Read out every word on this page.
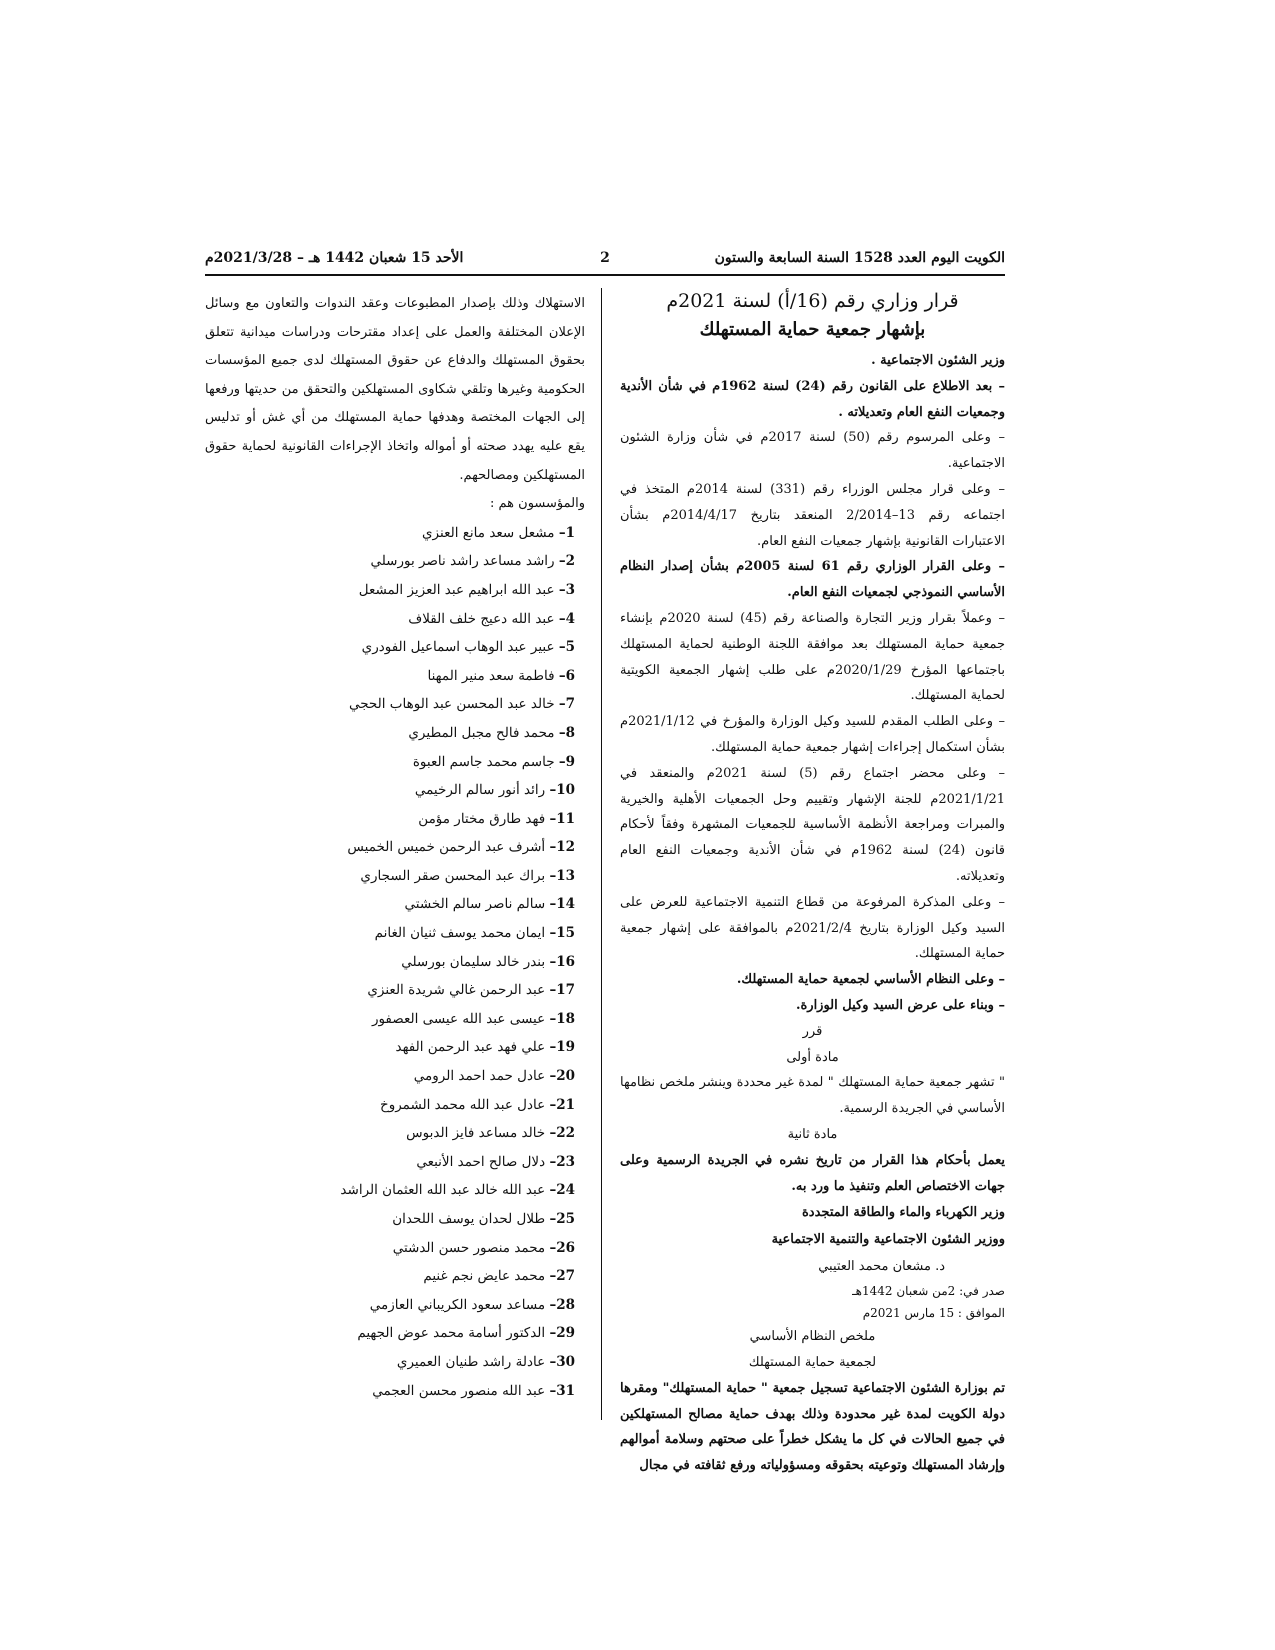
الكويت اليوم العدد 1528 السنة السابعة والستون
2
الأحد 15 شعبان 1442 هـ – 2021/3/28م
قرار وزاري رقم (16/أ) لسنة 2021م
بإشهار جمعية حماية المستهلك

وزير الشئون الاجتماعية .

– بعد الاطلاع على القانون رقم (24) لسنة 1962م في شأن الأندية وجمعيات النفع العام وتعديلاته .

– وعلى المرسوم رقم (50) لسنة 2017م في شأن وزارة الشئون الاجتماعية.

– وعلى قرار مجلس الوزراء رقم (331) لسنة 2014م المتخذ في اجتماعه رقم 13–2/2014 المنعقد بتاريخ 2014/4/17م بشأن الاعتبارات القانونية بإشهار جمعيات النفع العام.

– وعلى القرار الوزاري رقم 61 لسنة 2005م بشأن إصدار النظام الأساسي النموذجي لجمعيات النفع العام.

– وعملاً بقرار وزير التجارة والصناعة رقم (45) لسنة 2020م بإنشاء جمعية حماية المستهلك بعد موافقة اللجنة الوطنية لحماية المستهلك باجتماعها المؤرخ 2020/1/29م على طلب إشهار الجمعية الكويتية لحماية المستهلك.

– وعلى الطلب المقدم للسيد وكيل الوزارة والمؤرخ في 2021/1/12م بشأن استكمال إجراءات إشهار جمعية حماية المستهلك.

– وعلى محضر اجتماع رقم (5) لسنة 2021م والمنعقد في 2021/1/21م للجنة الإشهار وتقييم وحل الجمعيات الأهلية والخيرية والمبرات ومراجعة الأنظمة الأساسية للجمعيات المشهرة وفقاً لأحكام قانون (24) لسنة 1962م في شأن الأندية وجمعيات النفع العام وتعديلاته.

– وعلى المذكرة المرفوعة من قطاع التنمية الاجتماعية للعرض على السيد وكيل الوزارة بتاريخ 2021/2/4م بالموافقة على إشهار جمعية حماية المستهلك.

– وعلى النظام الأساسي لجمعية حماية المستهلك.

– وبناء على عرض السيد وكيل الوزارة.

قرر

مادة أولى

" تشهر جمعية حماية المستهلك " لمدة غير محددة وينشر ملخص نظامها الأساسي في الجريدة الرسمية.

مادة ثانية

يعمل بأحكام هذا القرار من تاريخ نشره في الجريدة الرسمية وعلى جهات الاختصاص العلم وتنفيذ ما ورد به.

وزير الكهرباء والماء والطاقة المتجددة

ووزير الشئون الاجتماعية والتنمية الاجتماعية

د. مشعان محمد العتيبي

صدر في: 2من شعبان 1442هـ

الموافق : 15 مارس 2021م

ملخص النظام الأساسي

لجمعية حماية المستهلك

تم بوزارة الشئون الاجتماعية تسجيل جمعية " حماية المستهلك" ومقرها دولة الكويت لمدة غير محدودة وذلك بهدف حماية مصالح المستهلكين في جميع الحالات في كل ما يشكل خطراً على صحتهم وسلامة أموالهم وإرشاد المستهلك وتوعيته بحقوقه ومسؤولياته ورفع ثقافته في مجال

الاستهلاك وذلك بإصدار المطبوعات وعقد الندوات والتعاون مع وسائل الإعلان المختلفة والعمل على إعداد مقترحات ودراسات ميدانية تتعلق بحقوق المستهلك والدفاع عن حقوق المستهلك لدى جميع المؤسسات الحكومية وغيرها وتلقي شكاوى المستهلكين والتحقق من حديتها ورفعها إلى الجهات المختصة وهدفها حماية المستهلك من أي غش أو تدليس يقع عليه يهدد صحته أو أمواله واتخاذ الإجراءات القانونية لحماية حقوق المستهلكين ومصالحهم.

والمؤسسون هم :

1– مشعل سعد مانع العنزي
2– راشد مساعد راشد ناصر بورسلي
3– عبد الله ابراهيم عبد العزيز المشعل
4– عبد الله دعيج خلف القلاف
5– عبير عبد الوهاب اسماعيل الفودري
6– فاطمة سعد منير المهنا
7– خالد عبد المحسن عبد الوهاب الحجي
8– محمد فالح مجبل المطيري
9– جاسم محمد جاسم العبوة
10– رائد أنور سالم الرخيمي
11– فهد طارق مختار مؤمن
12– أشرف عبد الرحمن خميس الخميس
13– براك عبد المحسن صقر السجاري
14– سالم ناصر سالم الخشتي
15– ايمان محمد يوسف ثنيان الغانم
16– بندر خالد سليمان بورسلي
17– عبد الرحمن غالي شريدة العنزي
18– عيسى عبد الله عيسى العصفور
19– علي فهد عبد الرحمن الفهد
20– عادل حمد احمد الرومي
21– عادل عبد الله محمد الشمروخ
22– خالد مساعد فايز الدبوس
23– دلال صالح احمد الأنبعي
24– عبد الله خالد عبد الله العثمان الراشد
25– طلال لحدان يوسف اللحدان
26– محمد منصور حسن الدشتي
27– محمد عايض نجم غنيم
28– مساعد سعود الكريباني العازمي
29– الدكتور أسامة محمد عوض الجهيم
30– عادلة راشد طنيان العميري
31– عبد الله منصور محسن العجمي
